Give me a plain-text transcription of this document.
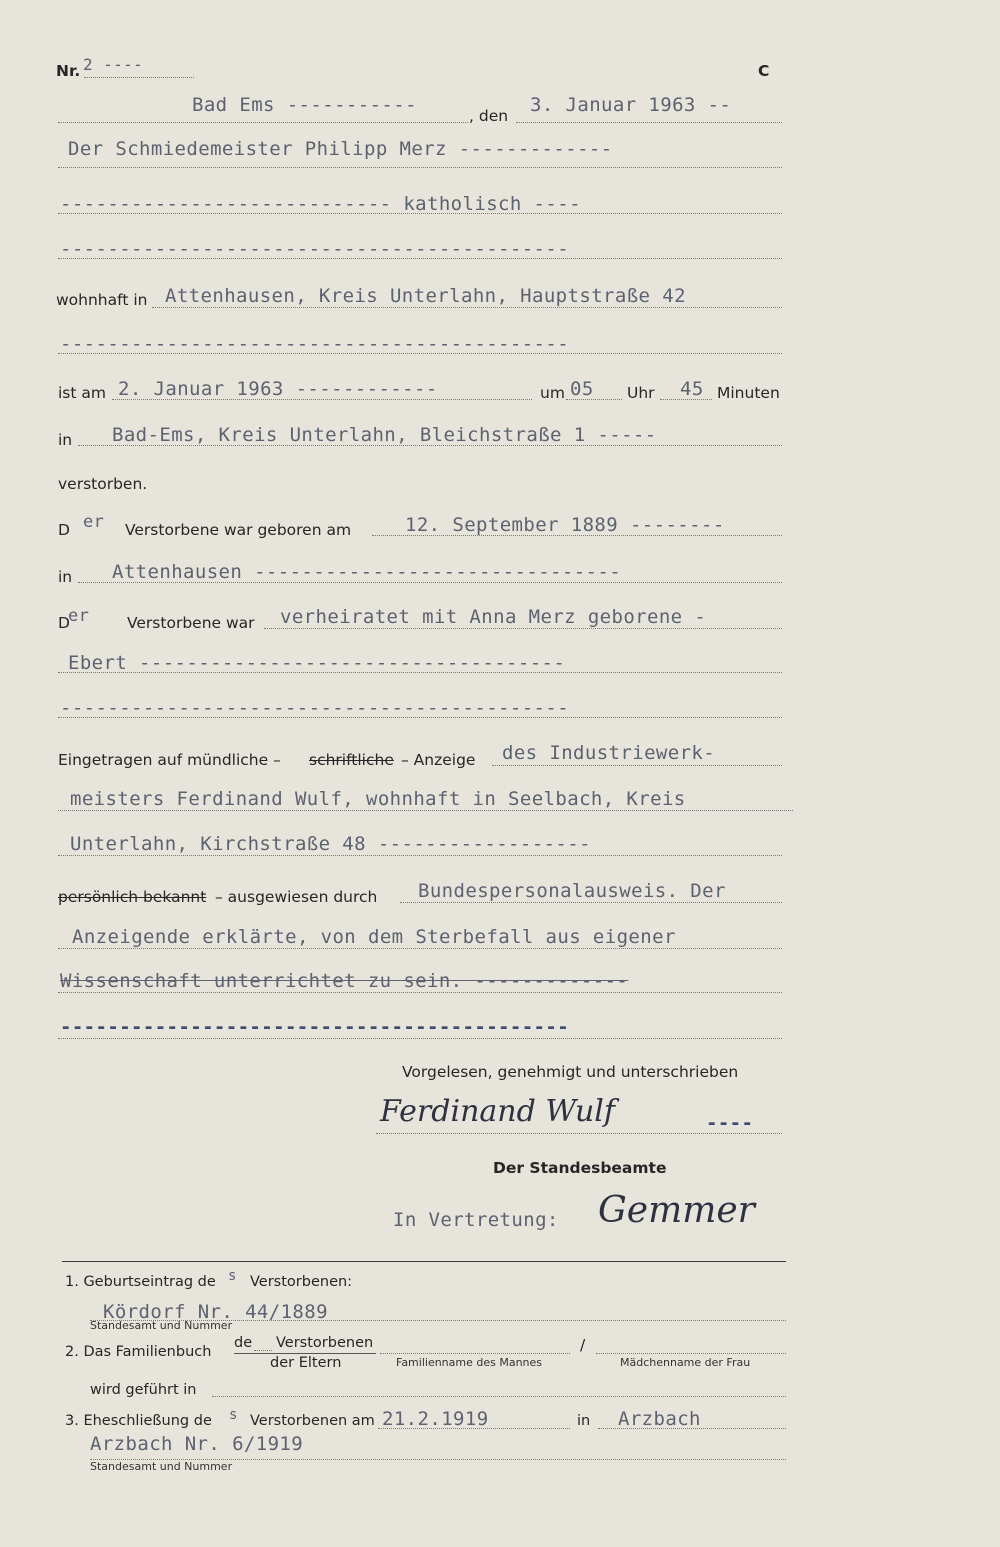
Nr. 2 ----	C
Bad Ems -----------	, den 3. Januar 1963 --
Der Schmiedemeister Philipp Merz -------------
---------------------------- katholisch ----
-------------------------------------------
wohnhaft in Attenhausen, Kreis Unterlahn, Hauptstraße 42
-------------------------------------------
ist am 2. Januar 1963 ------------	um 05 Uhr 45 Minuten
in Bad-Ems, Kreis Unterlahn, Bleichstraße 1 -----
verstorben.
D er Verstorbene war geboren am	12. September 1889 --------
in Attenhausen -------------------------------
D
er Verstorbene war verheiratet mit Anna Merz geborene -
Ebert ------------------------------------
-------------------------------------------
Eingetragen auf mündliche – schriftliche – Anzeige des Industriewerk-
meisters Ferdinand Wulf, wohnhaft in Seelbach, Kreis
Unterlahn, Kirchstraße 48 ------------------
persönlich bekannt – ausgewiesen durch Bundespersonalausweis. Der
Anzeigende erklärte, von dem Sterbefall aus eigener
Wissenschaft unterrichtet zu sein. -------------
-------------------------------------------
Vorgelesen, genehmigt und unterschrieben
Ferdinand Wulf	----
Der Standesbeamte
In Vertretung: Gemmer
1. Geburtseintrag de s Verstorbenen:
Kördorf Nr. 44/1889
Standesamt und Nummer
2. Das Familienbuch
de Verstorbenen
der Eltern	Familienname des Mannes
/
Mädchenname der Frau
wird geführt in
3. Eheschließung de s Verstorbenen am 21.2.1919	in Arzbach
Arzbach Nr. 6/1919
Standesamt und Nummer
